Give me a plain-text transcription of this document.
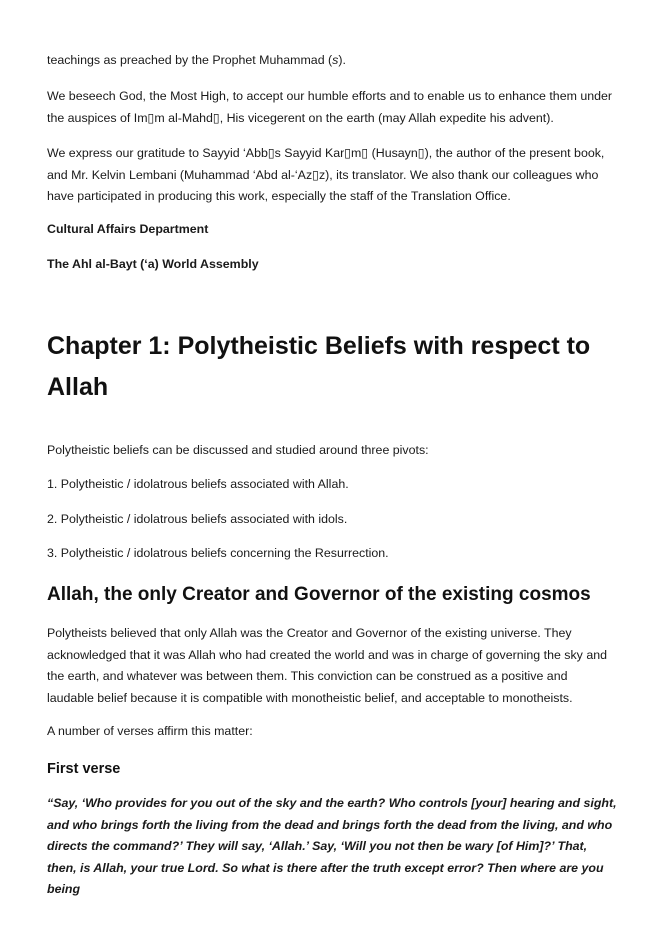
teachings as preached by the Prophet Muhammad (s).

We beseech God, the Most High, to accept our humble efforts and to enable us to enhance them under the auspices of Im▯m al-Mahd▯, His vicegerent on the earth (may Allah expedite his advent).

We express our gratitude to Sayyid ‘Abb▯s Sayyid Kar▯m▯ (Husayn▯), the author of the present book, and Mr. Kelvin Lembani (Muhammad ‘Abd al-‘Az▯z), its translator. We also thank our colleagues who have participated in producing this work, especially the staff of the Translation Office.

Cultural Affairs Department

The Ahl al-Bayt (‘a) World Assembly

Chapter 1: Polytheistic Beliefs with respect to Allah

Polytheistic beliefs can be discussed and studied around three pivots:

1. Polytheistic / idolatrous beliefs associated with Allah.

2. Polytheistic / idolatrous beliefs associated with idols.

3. Polytheistic / idolatrous beliefs concerning the Resurrection.

Allah, the only Creator and Governor of the existing cosmos

Polytheists believed that only Allah was the Creator and Governor of the existing universe. They acknowledged that it was Allah who had created the world and was in charge of governing the sky and the earth, and whatever was between them. This conviction can be construed as a positive and laudable belief because it is compatible with monotheistic belief, and acceptable to monotheists.

A number of verses affirm this matter:

First verse

“Say, ‘Who provides for you out of the sky and the earth? Who controls [your] hearing and sight, and who brings forth the living from the dead and brings forth the dead from the living, and who directs the command?’ They will say, ‘Allah.’ Say, ‘Will you not then be wary [of Him]?’ That, then, is Allah, your true Lord. So what is there after the truth except error? Then where are you being
